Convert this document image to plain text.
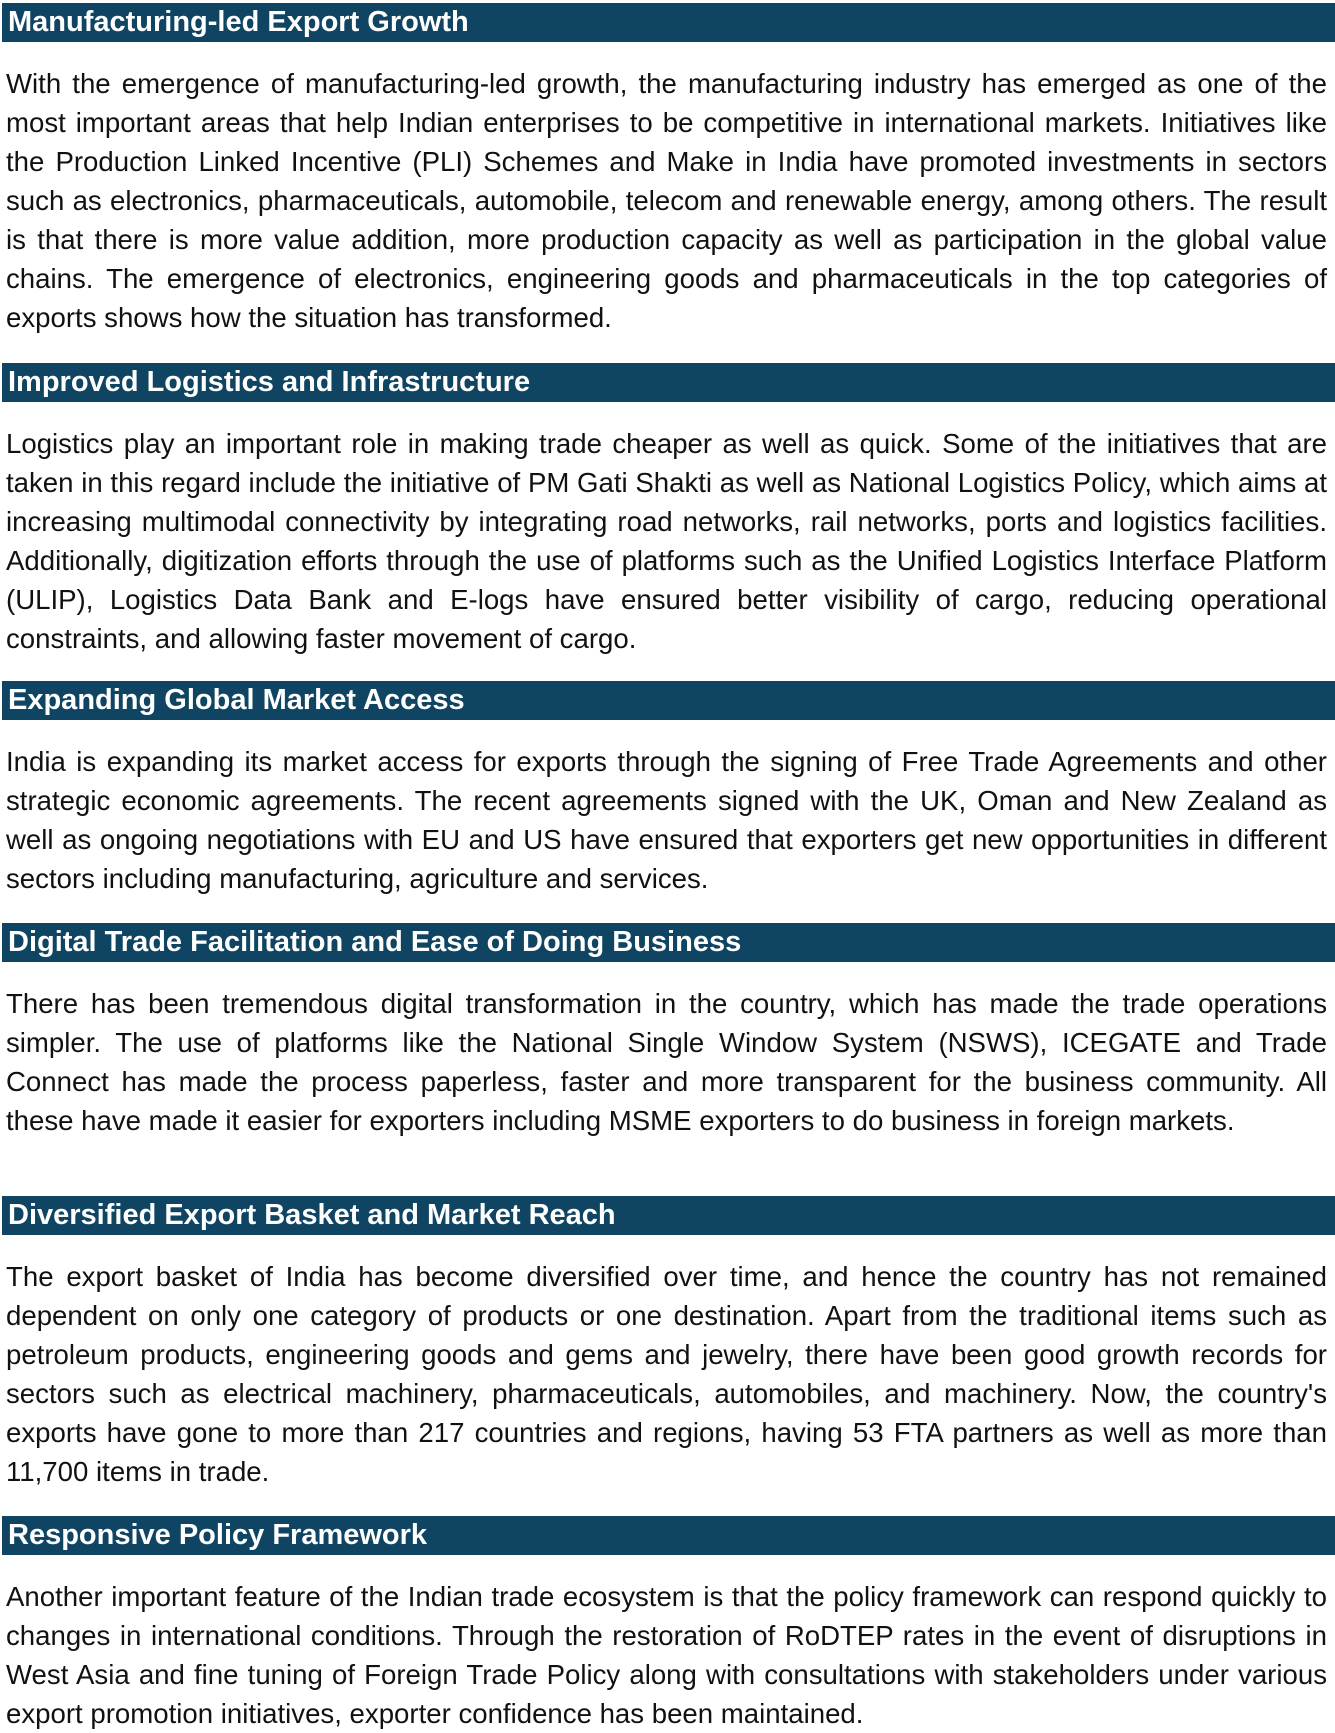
Manufacturing-led Export Growth

With the emergence of manufacturing-led growth, the manufacturing industry has emerged as one of the most important areas that help Indian enterprises to be competitive in international markets. Initiatives like the Production Linked Incentive (PLI) Schemes and Make in India have promoted investments in sectors such as electronics, pharmaceuticals, automobile, telecom and renewable energy, among others. The result is that there is more value addition, more production capacity as well as participation in the global value chains. The emergence of electronics, engineering goods and pharmaceuticals in the top categories of exports shows how the situation has transformed.

Improved Logistics and Infrastructure

Logistics play an important role in making trade cheaper as well as quick. Some of the initiatives that are taken in this regard include the initiative of PM Gati Shakti as well as National Logistics Policy, which aims at increasing multimodal connectivity by integrating road networks, rail networks, ports and logistics facilities. Additionally, digitization efforts through the use of platforms such as the Unified Logistics Interface Platform (ULIP), Logistics Data Bank and E-logs have ensured better visibility of cargo, reducing operational constraints, and allowing faster movement of cargo.

Expanding Global Market Access

India is expanding its market access for exports through the signing of Free Trade Agreements and other strategic economic agreements. The recent agreements signed with the UK, Oman and New Zealand as well as ongoing negotiations with EU and US have ensured that exporters get new opportunities in different sectors including manufacturing, agriculture and services.

Digital Trade Facilitation and Ease of Doing Business

There has been tremendous digital transformation in the country, which has made the trade operations simpler. The use of platforms like the National Single Window System (NSWS), ICEGATE and Trade Connect has made the process paperless, faster and more transparent for the business community. All these have made it easier for exporters including MSME exporters to do business in foreign markets.

Diversified Export Basket and Market Reach

The export basket of India has become diversified over time, and hence the country has not remained dependent on only one category of products or one destination. Apart from the traditional items such as petroleum products, engineering goods and gems and jewelry, there have been good growth records for sectors such as electrical machinery, pharmaceuticals, automobiles, and machinery. Now, the country's exports have gone to more than 217 countries and regions, having 53 FTA partners as well as more than 11,700 items in trade.

Responsive Policy Framework

Another important feature of the Indian trade ecosystem is that the policy framework can respond quickly to changes in international conditions. Through the restoration of RoDTEP rates in the event of disruptions in West Asia and fine tuning of Foreign Trade Policy along with consultations with stakeholders under various export promotion initiatives, exporter confidence has been maintained.
